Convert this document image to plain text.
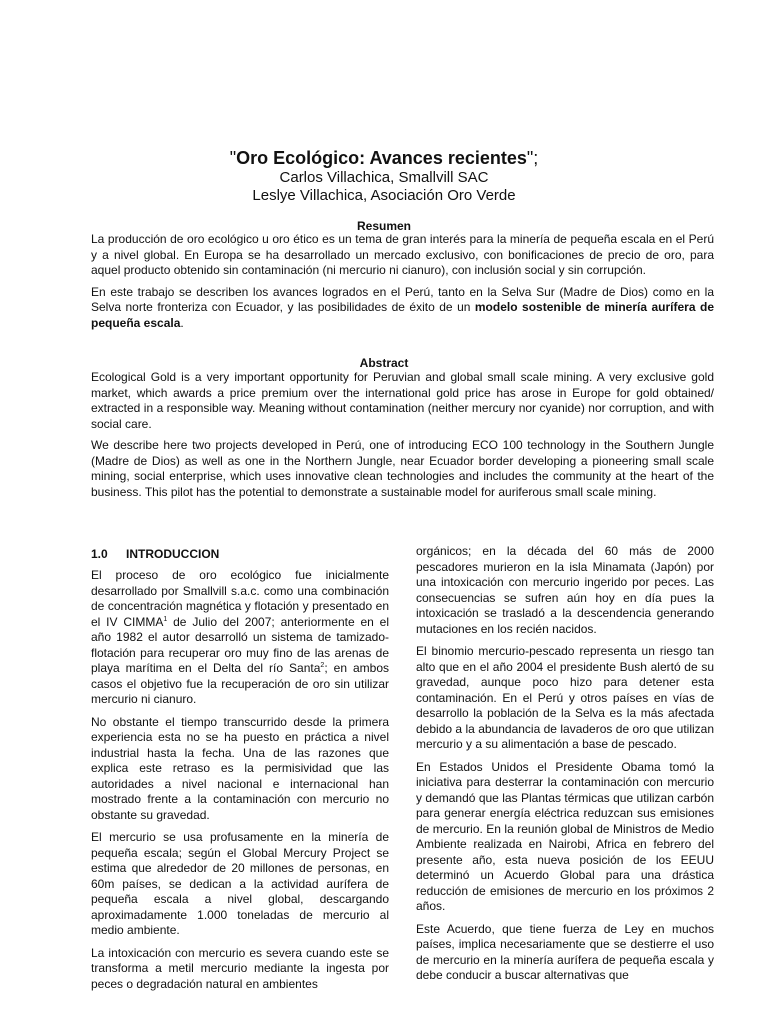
"Oro Ecológico: Avances recientes";
Carlos Villachica, Smallvill SAC
Leslye Villachica, Asociación Oro Verde
Resumen

La producción de oro ecológico u oro ético es un tema de gran interés para la minería de pequeña escala en el Perú y a nivel global. En Europa se ha desarrollado un mercado exclusivo, con bonificaciones de precio de oro, para aquel producto obtenido sin contaminación (ni mercurio ni cianuro), con inclusión social y sin corrupción.

En este trabajo se describen los avances logrados en el Perú, tanto en la Selva Sur (Madre de Dios) como en la Selva norte fronteriza con Ecuador, y las posibilidades de éxito de un modelo sostenible de minería aurífera de pequeña escala.

Abstract

Ecological Gold is a very important opportunity for Peruvian and global small scale mining. A very exclusive gold market, which awards a price premium over the international gold price has arose in Europe for gold obtained/ extracted in a responsible way. Meaning without contamination (neither mercury nor cyanide) nor corruption, and with social care.

We describe here two projects developed in Perú, one of introducing ECO 100 technology in the Southern Jungle (Madre de Dios) as well as one in the Northern Jungle, near Ecuador border developing a pioneering small scale mining, social enterprise, which uses innovative clean technologies and includes the community at the heart of the business. This pilot has the potential to demonstrate a sustainable model for auriferous small scale mining.

1.0 INTRODUCCION

El proceso de oro ecológico fue inicialmente desarrollado por Smallvill s.a.c. como una combinación de concentración magnética y flotación y presentado en el IV CIMMA$^1$ de Julio del 2007; anteriormente en el año 1982 el autor desarrolló un sistema de tamizado-flotación para recuperar oro muy fino de las arenas de playa marítima en el Delta del río Santa$^2$; en ambos casos el objetivo fue la recuperación de oro sin utilizar mercurio ni cianuro.

No obstante el tiempo transcurrido desde la primera experiencia esta no se ha puesto en práctica a nivel industrial hasta la fecha. Una de las razones que explica este retraso es la permisividad que las autoridades a nivel nacional e internacional han mostrado frente a la contaminación con mercurio no obstante su gravedad.

El mercurio se usa profusamente en la minería de pequeña escala; según el Global Mercury Project se estima que alrededor de 20 millones de personas, en 60m países, se dedican a la actividad aurífera de pequeña escala a nivel global, descargando aproximadamente 1.000 toneladas de mercurio al medio ambiente.

La intoxicación con mercurio es severa cuando este se transforma a metil mercurio mediante la ingesta por peces o degradación natural en ambientes

orgánicos; en la década del 60 más de 2000 pescadores murieron en la isla Minamata (Japón) por una intoxicación con mercurio ingerido por peces. Las consecuencias se sufren aún hoy en día pues la intoxicación se trasladó a la descendencia generando mutaciones en los recién nacidos.

El binomio mercurio-pescado representa un riesgo tan alto que en el año 2004 el presidente Bush alertó de su gravedad, aunque poco hizo para detener esta contaminación. En el Perú y otros países en vías de desarrollo la población de la Selva es la más afectada debido a la abundancia de lavaderos de oro que utilizan mercurio y a su alimentación a base de pescado.

En Estados Unidos el Presidente Obama tomó la iniciativa para desterrar la contaminación con mercurio y demandó que las Plantas térmicas que utilizan carbón para generar energía eléctrica reduzcan sus emisiones de mercurio. En la reunión global de Ministros de Medio Ambiente realizada en Nairobi, Africa en febrero del presente año, esta nueva posición de los EEUU determinó un Acuerdo Global para una drástica reducción de emisiones de mercurio en los próximos 2 años.

Este Acuerdo, que tiene fuerza de Ley en muchos países, implica necesariamente que se destierre el uso de mercurio en la minería aurífera de pequeña escala y debe conducir a buscar alternativas que
